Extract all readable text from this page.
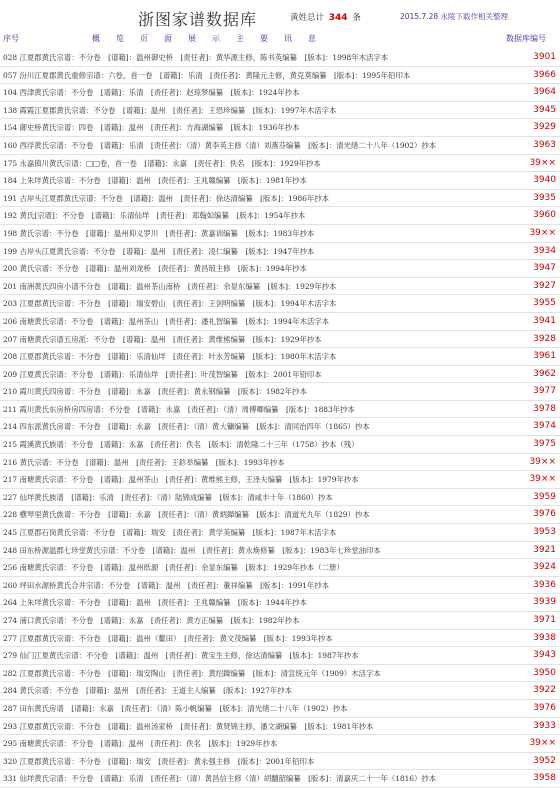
浙图家谱数据库	黄姓总计 344 条	2015.7.28 永陵下载作相关整理
序号	概　　览　　页　　面　　展　　示　　主　　要　　讯　　息	数据库编号
028 江夏郡黄氏宗谱：不分卷　[谱籍]：温州御史桥　[责任者]：黄华源主修，陈书英编纂　[版本]：1998年木活字本	3901
057 汾川江夏郡黄氏重修宗谱：六卷，首一卷　[谱籍]：乐清　[责任者]：黄隆元主修，黄克莫编纂　[版本]：1995年铅印本	3966
104 西津黄氏宗谱：不分卷　[谱籍]：乐清　[责任者]：赵琼梦编纂　[版本]：1924年抄本	3964
138 霞霞江夏郡黄氏宗谱：不分卷　[谱籍]：温州　[责任者]：王恐珍编纂　[版本]：1997年木活字本	3945
154 御史桥黄氏宗谱：四卷　[谱籍]：温州　[责任者]：方海湖编纂　[版本]：1936年抄本	3929
160 西浮黄氏宗谱：不分卷　[谱籍]：乐清　[责任者]：（清）黄李英主修（清）刘燕芬编纂　[版本]：清光绪二十八年（1902）抄本	3963
175 永嘉镇川黄氏宗谱：□□卷，首一卷　[谱籍]：永嘉　[责任者]：佚名　[版本]：1929年抄本	39××
184 上朱垟黄氏宗谱：不分卷　[谱籍]：温州　[责任者]：王兆赣编纂　[版本]：1981年抄本	3940
191 古岸头江夏郡黄氏宗谱：不分卷　[谱籍]：温州　[责任者]：徐达清编纂　[版本]：1986年抄本	3935
192 黄氏[宗谱]：不分卷　[谱籍]：乐清仙垟　[责任者]：郑翰如编纂　[版本]：1954年抄本	3960
198 黄氏宗谱：不分卷　[谱籍]：温州仰义罗川　[责任者]：黄嘉训编纂　[版本]：1983年抄本	39××
199 古岸头江夏黄氏宗谱：不分卷　[谱籍]：温州　[责任者]：凌仁编纂　[版本]：1947年抄本	3934
200 黄氏宗谱：不分卷　[谱籍]：温州刘龙桥　[责任者]：黄昌琅主修　[版本]：1994年抄本	3947
201 南洲黄氏四房小谱不分卷　[谱籍]：温州茶山南桥　[责任者]：余显东编纂　[版本]：1929年抄本	3927
203 江夏郡黄氏宗谱：不分卷　[谱籍]：瑞安碧山　[责任者]：王剑明编纂　[版本]：1994年木活字本	3955
206 南塘黄氏宗谱：不分卷　[谱籍]：温州茶山　[责任者]：潘礼智编纂　[版本]：1994年木活字本	3941
207 南塘黄氏宗谱五房派：不分卷　[谱籍]：温州　[责任者]：黄维熊编纂　[版本]：1929年抄本	3928
208 江夏郡黄氏宗谱：不分卷　[谱籍]：乐清仙垟　[责任者]：叶永芳编纂　[版本]：1980年木活字本	3961
209 江夏黄氏宗谱：不分卷　[谱籍]：乐清仙垟　[责任者]：叶茂智编纂　[版本]：2001年铅印本	3962
210 霞川黄氏四房谱：不分卷　[谱籍]：永嘉　[责任者]：黄永钢编纂　[版本]：1982年抄本	3977
211 霞川黄氏东房桥房四房谱：不分卷　[谱籍]：永嘉　[责任者]：（清）周傅卿编纂　[版本]：1883年抄本	3978
214 四东派黄氏房谱：不分卷　[谱籍]：永嘉　[责任者]：（清）黄大镛编纂　[版本]：清同治四年（1865）抄本	3974
215 霞溪黄氏族谱：不分卷　[谱籍]：永嘉　[责任者]：佚名　[版本]：清乾隆二十三年（1758）抄本（残）	3975
216 黄氏宗谱：不分卷　[谱籍]：温州　[责任者]：王鉁举编纂　[版本]：1993年抄本	39××
217 南塘黄氏宗谱：不分卷　[谱籍]：温州茶山　[责任者]：黄维熊主修，王泽夫编纂　[版本]：1979年抄本	39××
227 仙垟黄氏族谱　[谱籍]：乐清　[责任者]：（清）陆锦成编纂　[版本]：清咸丰十年（1860）抄本	3959
228 横琴里黄氏族谱：不分卷　[谱籍]：永嘉　[责任者]：（清）黄炳鑅编纂　[版本]：清道光九年（1829）抄本	3976
245 江夏郡石岗黄氏宗谱：不分卷　[谱籍]：瑞安　[责任者]：黄学美编纂　[版本]：1987年木活字本	3953
248 田东桥源温郡七珍堂黄氏宗谱：不分卷　[谱籍]：温州　[责任者]：黄永焕修纂　[版本]：1983年七珍堂油印本	3921
256 南塘黄氏宗谱：不分卷　[谱籍]：温州纸源　[责任者]：余显东编纂　[版本]：1929年抄本（二册）	3924
260 坪田水源桥黄氏合并宗谱：不分卷　[谱籍]：温州　[责任者]：董祥编纂　[版本]：1991年抄本	3936
264 上朱垟黄氏宗谱：不分卷　[谱籍]：温州　[责任者]：王兆赣编纂　[版本]：1944年抄本	3939
274 浦口黄氏宗谱：不分卷　[谱籍]：永嘉　[责任者]：黄方正编纂　[版本]：1982年抄本	3971
277 江夏郡黄氏宗谱：不分卷　[谱籍]：温州（鳌田）　[责任者]：黄文茂编纂　[版本]：1993年抄本	3938
279 仙门江夏黄氏宗谱：不分卷　[谱籍]：温州　[责任者]：黄宝生主修，徐达清编纂　[版本]：1987年抄本	3943
282 江夏郡黄氏宗谱：不分卷　[谱籍]：瑞安陶山　[责任者]：黄绍鑅编纂　[版本]：清宣统元年（1909）木活字本	3950
284 黄氏宗谱：不分卷　[谱籍]：温州　[责任者]：王道主人编纂　[版本]：1927年抄本	3922
287 田东黄氏房谱　[谱籍]：永嘉　[责任者]：（清）陈小帆编纂　[版本]：清光绪二十八年（1902）抄本	3976
293 江夏郡黄氏宗谱：不分卷　[谱籍]：温州汤家桥　[责任者]：黄贤锦主修，潘文湖编纂　[版本]：1981年抄本	3933
295 南塘黄氏宗谱：不分卷　[谱籍]：温州　[责任者]：佚名　[版本]：1929年抄本	39××
320 江夏郡黄氏宗谱：不分卷　[谱籍]：瑞安　[责任者]：黄永强主修　[版本]：2001年铅印本	3952
331 仙垟黄氏宗谱：不分卷　[谱籍]：乐清　[责任者]：（清）黄昌信主修（清）胡翻韶编纂　[版本]：清嘉庆二十一年（1816）抄本	3958
